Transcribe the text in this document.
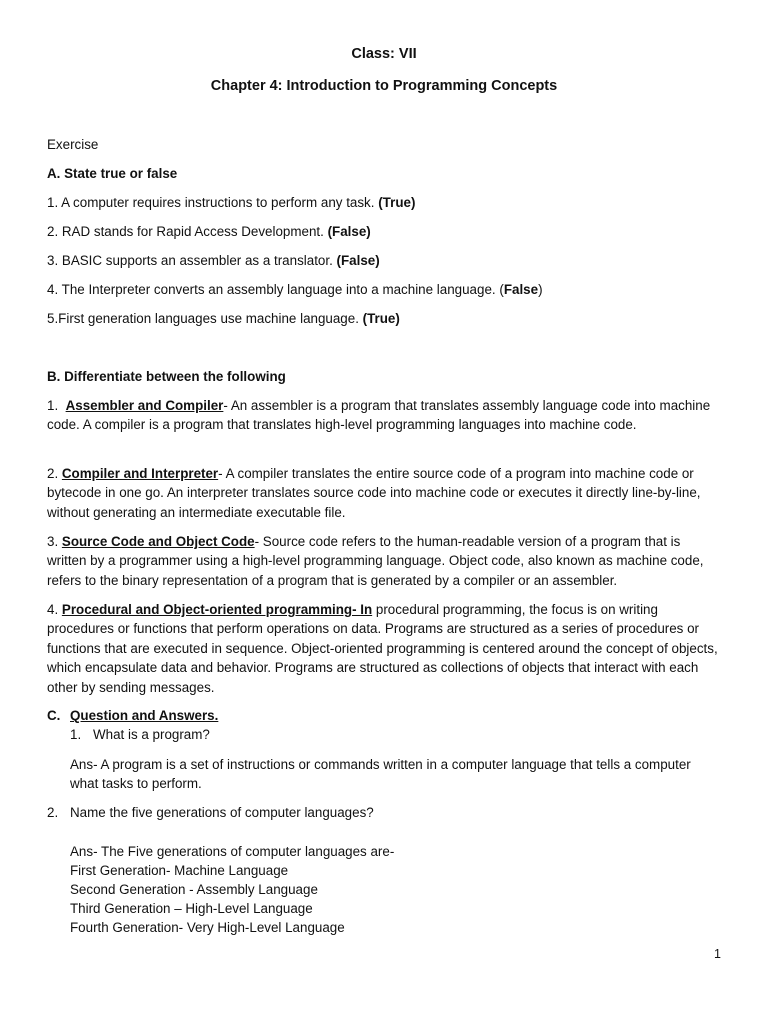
Class: VII
Chapter 4: Introduction to Programming Concepts
Exercise
A. State true or false
1. A computer requires instructions to perform any task. (True)
2. RAD stands for Rapid Access Development. (False)
3. BASIC supports an assembler as a translator. (False)
4. The Interpreter converts an assembly language into a machine language. (False)
5.First generation languages use machine language. (True)
B. Differentiate between the following
1.  Assembler and Compiler- An assembler is a program that translates assembly language code into machine code. A compiler is a program that translates high-level programming languages into machine code.
2. Compiler and Interpreter- A compiler translates the entire source code of a program into machine code or bytecode in one go. An interpreter translates source code into machine code or executes it directly line-by-line, without generating an intermediate executable file.
3. Source Code and Object Code- Source code refers to the human-readable version of a program that is written by a programmer using a high-level programming language. Object code, also known as machine code, refers to the binary representation of a program that is generated by a compiler or an assembler.
4. Procedural and Object-oriented programming- In procedural programming, the focus is on writing procedures or functions that perform operations on data. Programs are structured as a series of procedures or functions that are executed in sequence. Object-oriented programming is centered around the concept of objects, which encapsulate data and behavior. Programs are structured as collections of objects that interact with each other by sending messages.
C. Question and Answers.
1. What is a program?
Ans- A program is a set of instructions or commands written in a computer language that tells a computer what tasks to perform.
2. Name the five generations of computer languages?
Ans- The Five generations of computer languages are-
First Generation- Machine Language
Second Generation - Assembly Language
Third Generation – High-Level Language
Fourth Generation- Very High-Level Language
1
